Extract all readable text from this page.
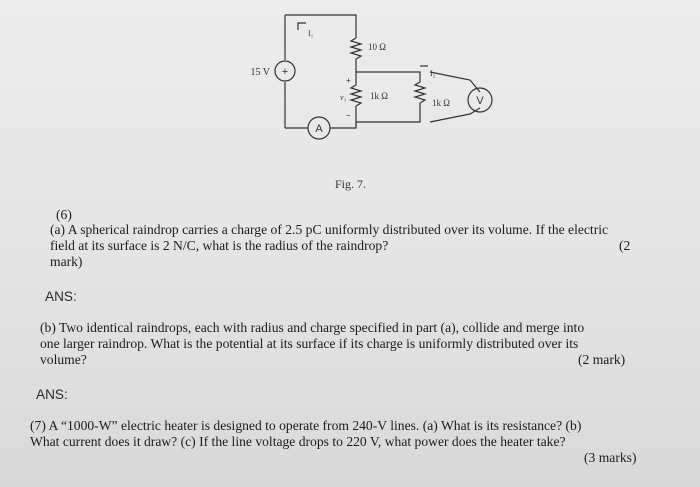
+
15 V
A
V
10 Ω
1k Ω
1k Ω
I₁
I₂
v₁
+
−
Fig. 7.
(6)
(a) A spherical raindrop carries a charge of 2.5 pC uniformly distributed over its volume. If the electric
field at its surface is 2 N/C, what is the radius of the raindrop?	(2
mark)
ANS:
(b) Two identical raindrops, each with radius and charge specified in part (a), collide and merge into
one larger raindrop. What is the potential at its surface if its charge is uniformly distributed over its
volume?	(2 mark)
ANS:
(7) A “1000-W” electric heater is designed to operate from 240-V lines. (a) What is its resistance? (b)
What current does it draw? (c) If the line voltage drops to 220 V, what power does the heater take?
(3 marks)
